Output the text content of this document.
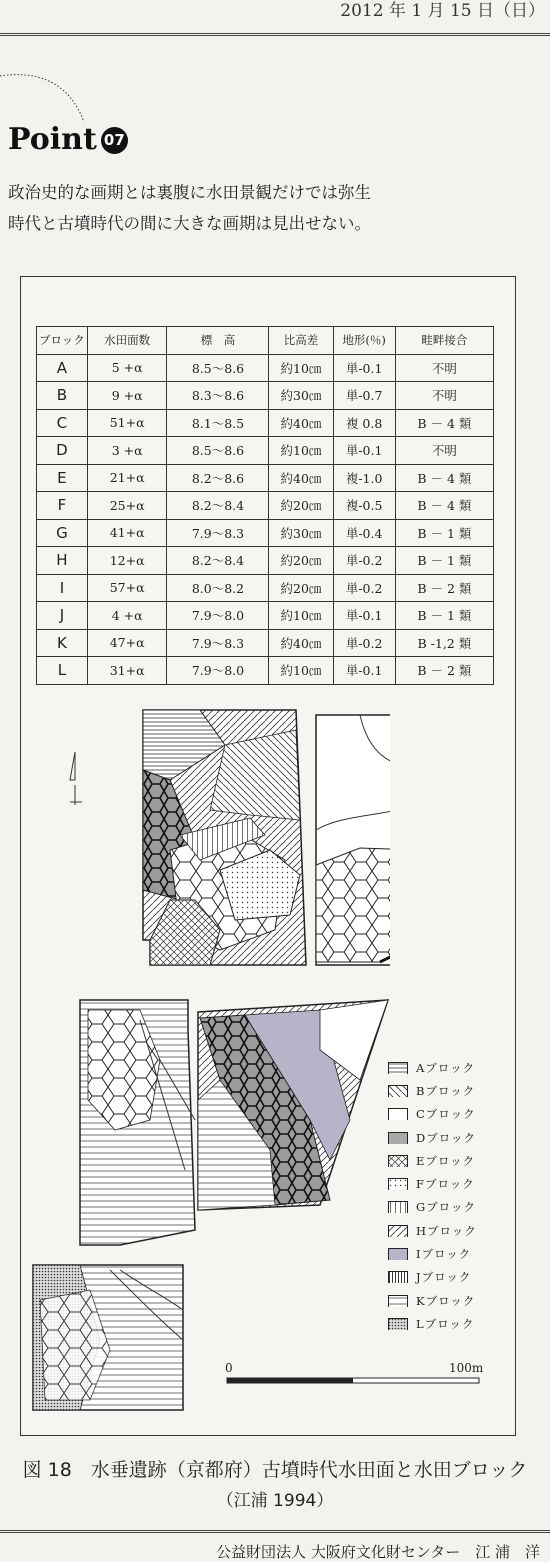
2012 年 1 月 15 日（日）
Point 07
政治史的な画期とは裏腹に水田景観だけでは弥生
時代と古墳時代の間に大きな画期は見出せない。
ブロック	水田面数	標　高	比高差	地形(％)	畦畔接合
A	5 +α	8.5～8.6	約10㎝	単-0.1	不明
B	9 +α	8.3～8.6	約30㎝	単-0.7	不明
C	51+α	8.1～8.5	約40㎝	複 0.8	B － 4 類
D	3 +α	8.5～8.6	約10㎝	単-0.1	不明
E	21+α	8.2～8.6	約40㎝	複-1.0	B － 4 類
F	25+α	8.2～8.4	約20㎝	複-0.5	B － 4 類
G	41+α	7.9～8.3	約30㎝	単-0.4	B － 1 類
H	12+α	8.2～8.4	約20㎝	単-0.2	B － 1 類
I	57+α	8.0～8.2	約20㎝	単-0.2	B － 2 類
J	4 +α	7.9～8.0	約10㎝	単-0.1	B － 1 類
K	47+α	7.9～8.3	約40㎝	単-0.2	B -1,2 類
L	31+α	7.9～8.0	約10㎝	単-0.1	B － 2 類
Aブロック
Bブロック
Cブロック
Dブロック
Eブロック
Fブロック
Gブロック
Hブロック
Iブロック
Jブロック
Kブロック
Lブロック
0	100m
図 18　水垂遺跡（京都府）古墳時代水田面と水田ブロック
（江浦 1994）
公益財団法人 大阪府文化財センター　江 浦　洋
